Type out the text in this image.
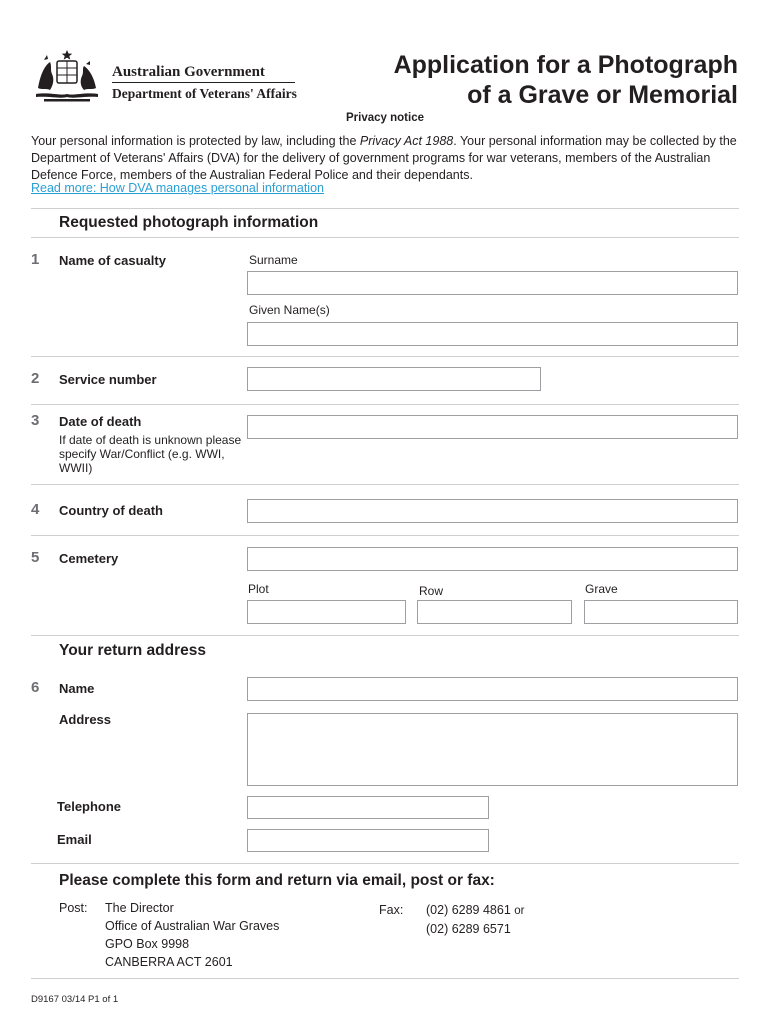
Australian Government
Department of Veterans' Affairs
Application for a Photograph
of a Grave or Memorial
Privacy notice
Your personal information is protected by law, including the Privacy Act 1988. Your personal information may be collected by the Department of Veterans' Affairs (DVA) for the delivery of government programs for war veterans, members of the Australian Defence Force, members of the Australian Federal Police and their dependants.
Read more: How DVA manages personal information
Requested photograph information
1 Name of casualty	Surname
Given Name(s)
2 Service number
3 Date of death
If date of death is unknown please specify War/Conflict (e.g. WWI, WWII)
4 Country of death
5 Cemetery
Plot	Row	Grave
Your return address
6 Name
Address
Telephone
Email
Please complete this form and return via email, post or fax:
Post: The Director
Office of Australian War Graves
GPO Box 9998
CANBERRA ACT 2601
Fax: (02) 6289 4861 or
(02) 6289 6571
D9167 03/14 P1 of 1
